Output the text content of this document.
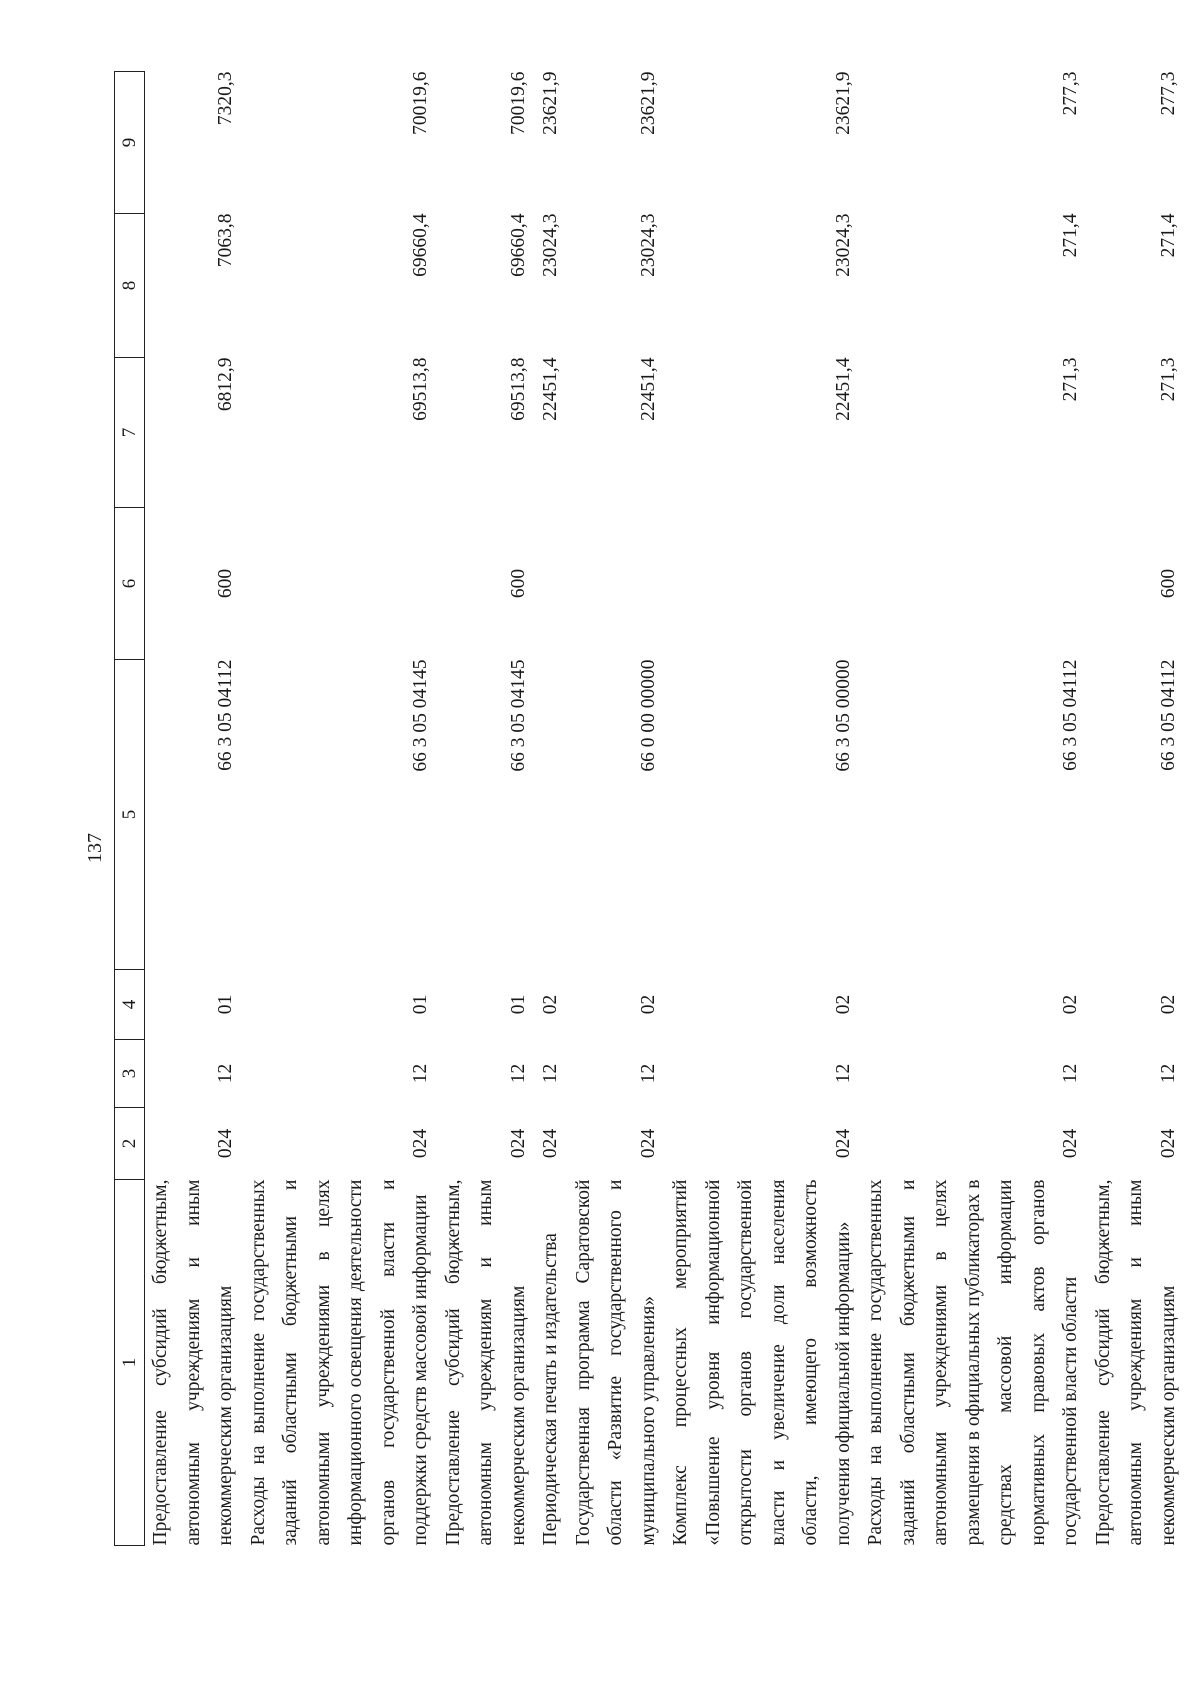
137
1	2	3	4	5	6	7	8	9
Предоставление субсидий бюджетным, автономным учреждениям и иным некоммерческим организациям	024	12	01	66 3 05 04112	600	6812,9	7063,8	7320,3
Расходы на выполнение государственных заданий областными бюджетными и автономными учреждениями в целях информационного освещения деятельности органов государственной власти и поддержки средств массовой информации	024	12	01	66 3 05 04145		69513,8	69660,4	70019,6
Предоставление субсидий бюджетным, автономным учреждениям и иным некоммерческим организациям	024	12	01	66 3 05 04145	600	69513,8	69660,4	70019,6
Периодическая печать и издательства	024	12	02			22451,4	23024,3	23621,9
Государственная программа Саратовской области «Развитие государственного и муниципального управления»	024	12	02	66 0 00 00000		22451,4	23024,3	23621,9
Комплекс процессных мероприятий «Повышение уровня информационной открытости органов государственной власти и увеличение доли населения области, имеющего возможность получения официальной информации»	024	12	02	66 3 05 00000		22451,4	23024,3	23621,9
Расходы на выполнение государственных заданий областными бюджетными и автономными учреждениями в целях размещения в официальных публикаторах в средствах массовой информации нормативных правовых актов органов государственной власти области	024	12	02	66 3 05 04112		271,3	271,4	277,3
Предоставление субсидий бюджетным, автономным учреждениям и иным некоммерческим организациям	024	12	02	66 3 05 04112	600	271,3	271,4	277,3
